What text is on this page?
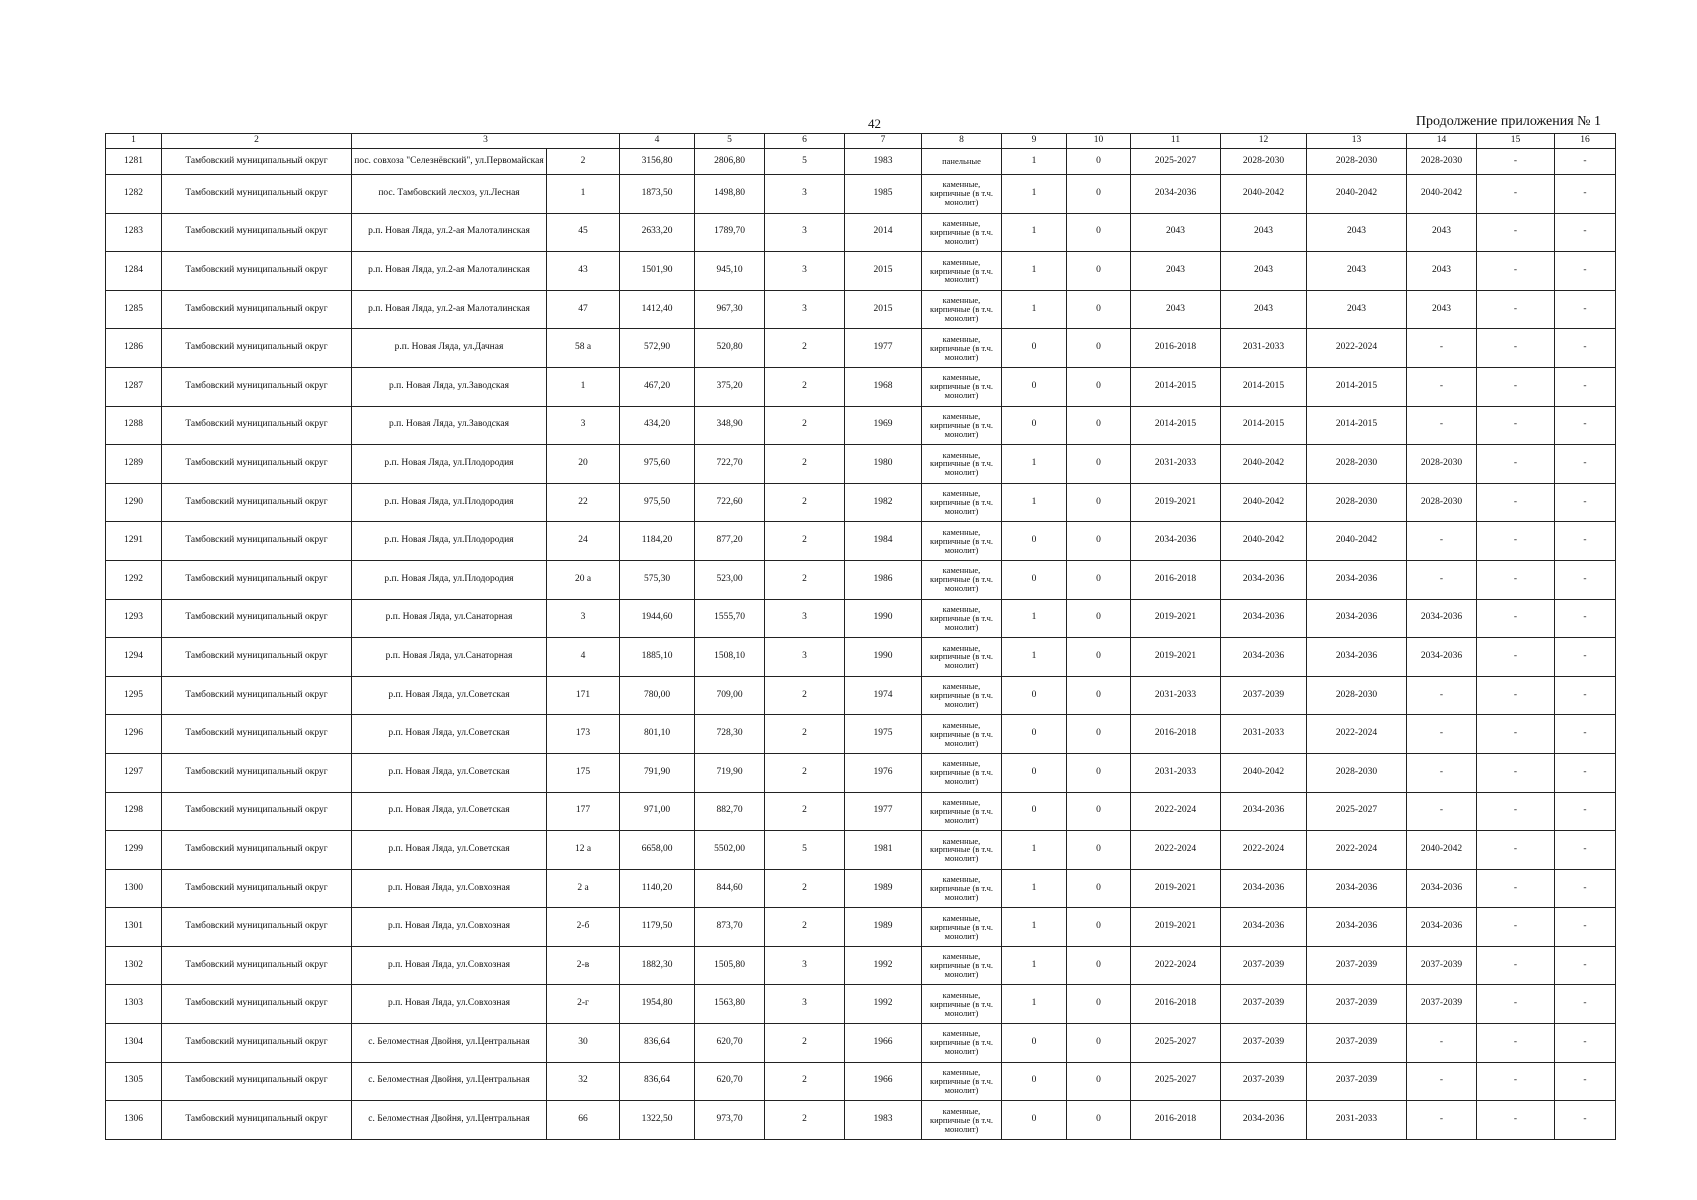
42	Продолжение приложения № 1
1	2	3		4	5	6	7	8	9	10	11	12	13	14	15	16
1281	Тамбовский муниципальный округ	пос. совхоза "Селезнёвский", ул.Первомайская	2	3156,80	2806,80	5	1983	панельные	1	0	2025-2027	2028-2030	2028-2030	2028-2030	-	-
1282	Тамбовский муниципальный округ	пос. Тамбовский лесхоз, ул.Лесная	1	1873,50	1498,80	3	1985	каменные, кирпичные (в т.ч. монолит)	1	0	2034-2036	2040-2042	2040-2042	2040-2042	-	-
1283	Тамбовский муниципальный округ	р.п. Новая Ляда, ул.2-ая Малоталинская	45	2633,20	1789,70	3	2014	каменные, кирпичные (в т.ч. монолит)	1	0	2043	2043	2043	2043	-	-
1284	Тамбовский муниципальный округ	р.п. Новая Ляда, ул.2-ая Малоталинская	43	1501,90	945,10	3	2015	каменные, кирпичные (в т.ч. монолит)	1	0	2043	2043	2043	2043	-	-
1285	Тамбовский муниципальный округ	р.п. Новая Ляда, ул.2-ая Малоталинская	47	1412,40	967,30	3	2015	каменные, кирпичные (в т.ч. монолит)	1	0	2043	2043	2043	2043	-	-
1286	Тамбовский муниципальный округ	р.п. Новая Ляда, ул.Дачная	58 а	572,90	520,80	2	1977	каменные, кирпичные (в т.ч. монолит)	0	0	2016-2018	2031-2033	2022-2024	-	-	-
1287	Тамбовский муниципальный округ	р.п. Новая Ляда, ул.Заводская	1	467,20	375,20	2	1968	каменные, кирпичные (в т.ч. монолит)	0	0	2014-2015	2014-2015	2014-2015	-	-	-
1288	Тамбовский муниципальный округ	р.п. Новая Ляда, ул.Заводская	3	434,20	348,90	2	1969	каменные, кирпичные (в т.ч. монолит)	0	0	2014-2015	2014-2015	2014-2015	-	-	-
1289	Тамбовский муниципальный округ	р.п. Новая Ляда, ул.Плодородия	20	975,60	722,70	2	1980	каменные, кирпичные (в т.ч. монолит)	1	0	2031-2033	2040-2042	2028-2030	2028-2030	-	-
1290	Тамбовский муниципальный округ	р.п. Новая Ляда, ул.Плодородия	22	975,50	722,60	2	1982	каменные, кирпичные (в т.ч. монолит)	1	0	2019-2021	2040-2042	2028-2030	2028-2030	-	-
1291	Тамбовский муниципальный округ	р.п. Новая Ляда, ул.Плодородия	24	1184,20	877,20	2	1984	каменные, кирпичные (в т.ч. монолит)	0	0	2034-2036	2040-2042	2040-2042	-	-	-
1292	Тамбовский муниципальный округ	р.п. Новая Ляда, ул.Плодородия	20 а	575,30	523,00	2	1986	каменные, кирпичные (в т.ч. монолит)	0	0	2016-2018	2034-2036	2034-2036	-	-	-
1293	Тамбовский муниципальный округ	р.п. Новая Ляда, ул.Санаторная	3	1944,60	1555,70	3	1990	каменные, кирпичные (в т.ч. монолит)	1	0	2019-2021	2034-2036	2034-2036	2034-2036	-	-
1294	Тамбовский муниципальный округ	р.п. Новая Ляда, ул.Санаторная	4	1885,10	1508,10	3	1990	каменные, кирпичные (в т.ч. монолит)	1	0	2019-2021	2034-2036	2034-2036	2034-2036	-	-
1295	Тамбовский муниципальный округ	р.п. Новая Ляда, ул.Советская	171	780,00	709,00	2	1974	каменные, кирпичные (в т.ч. монолит)	0	0	2031-2033	2037-2039	2028-2030	-	-	-
1296	Тамбовский муниципальный округ	р.п. Новая Ляда, ул.Советская	173	801,10	728,30	2	1975	каменные, кирпичные (в т.ч. монолит)	0	0	2016-2018	2031-2033	2022-2024	-	-	-
1297	Тамбовский муниципальный округ	р.п. Новая Ляда, ул.Советская	175	791,90	719,90	2	1976	каменные, кирпичные (в т.ч. монолит)	0	0	2031-2033	2040-2042	2028-2030	-	-	-
1298	Тамбовский муниципальный округ	р.п. Новая Ляда, ул.Советская	177	971,00	882,70	2	1977	каменные, кирпичные (в т.ч. монолит)	0	0	2022-2024	2034-2036	2025-2027	-	-	-
1299	Тамбовский муниципальный округ	р.п. Новая Ляда, ул.Советская	12 а	6658,00	5502,00	5	1981	каменные, кирпичные (в т.ч. монолит)	1	0	2022-2024	2022-2024	2022-2024	2040-2042	-	-
1300	Тамбовский муниципальный округ	р.п. Новая Ляда, ул.Совхозная	2 а	1140,20	844,60	2	1989	каменные, кирпичные (в т.ч. монолит)	1	0	2019-2021	2034-2036	2034-2036	2034-2036	-	-
1301	Тамбовский муниципальный округ	р.п. Новая Ляда, ул.Совхозная	2-б	1179,50	873,70	2	1989	каменные, кирпичные (в т.ч. монолит)	1	0	2019-2021	2034-2036	2034-2036	2034-2036	-	-
1302	Тамбовский муниципальный округ	р.п. Новая Ляда, ул.Совхозная	2-в	1882,30	1505,80	3	1992	каменные, кирпичные (в т.ч. монолит)	1	0	2022-2024	2037-2039	2037-2039	2037-2039	-	-
1303	Тамбовский муниципальный округ	р.п. Новая Ляда, ул.Совхозная	2-г	1954,80	1563,80	3	1992	каменные, кирпичные (в т.ч. монолит)	1	0	2016-2018	2037-2039	2037-2039	2037-2039	-	-
1304	Тамбовский муниципальный округ	с. Беломестная Двойня, ул.Центральная	30	836,64	620,70	2	1966	каменные, кирпичные (в т.ч. монолит)	0	0	2025-2027	2037-2039	2037-2039	-	-	-
1305	Тамбовский муниципальный округ	с. Беломестная Двойня, ул.Центральная	32	836,64	620,70	2	1966	каменные, кирпичные (в т.ч. монолит)	0	0	2025-2027	2037-2039	2037-2039	-	-	-
1306	Тамбовский муниципальный округ	с. Беломестная Двойня, ул.Центральная	66	1322,50	973,70	2	1983	каменные, кирпичные (в т.ч. монолит)	0	0	2016-2018	2034-2036	2031-2033	-	-	-
